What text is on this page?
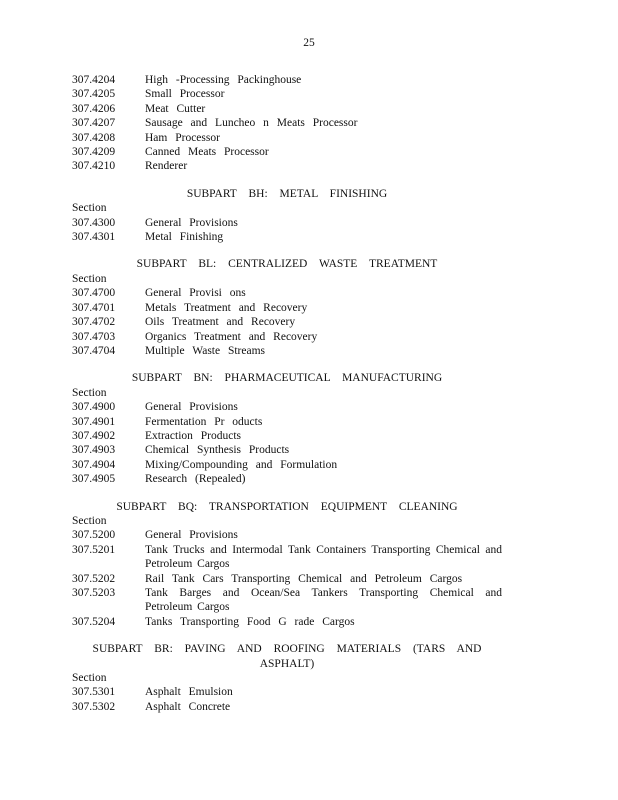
25
307.4204	High -Processing Packinghouse
307.4205	Small Processor
307.4206	Meat Cutter
307.4207	Sausage and Luncheo n Meats Processor
307.4208	Ham Processor
307.4209	Canned Meats Processor
307.4210	Renderer

SUBPART BH: METAL FINISHING

Section
307.4300	General Provisions
307.4301	Metal Finishing

SUBPART BL: CENTRALIZED WASTE TREATMENT

Section
307.4700	General Provisi ons
307.4701	Metals Treatment and Recovery
307.4702	Oils Treatment and Recovery
307.4703	Organics Treatment and Recovery
307.4704	Multiple Waste Streams

SUBPART BN: PHARMACEUTICAL MANUFACTURING

Section
307.4900	General Provisions
307.4901	Fermentation Pr oducts
307.4902	Extraction Products
307.4903	Chemical Synthesis Products
307.4904	Mixing/Compounding and Formulation
307.4905	Research (Repealed)

SUBPART BQ: TRANSPORTATION EQUIPMENT CLEANING

Section
307.5200	General Provisions
307.5201	Tank Trucks and Intermodal Tank Containers Transporting Chemical and Petroleum Cargos
307.5202	Rail Tank Cars Transporting Chemical and Petroleum Cargos
307.5203	Tank Barges and Ocean/Sea Tankers Transporting Chemical and Petroleum Cargos
307.5204	Tanks Transporting Food G rade Cargos

SUBPART BR: PAVING AND ROOFING MATERIALS (TARS AND ASPHALT)

Section
307.5301	Asphalt Emulsion
307.5302	Asphalt Concrete
